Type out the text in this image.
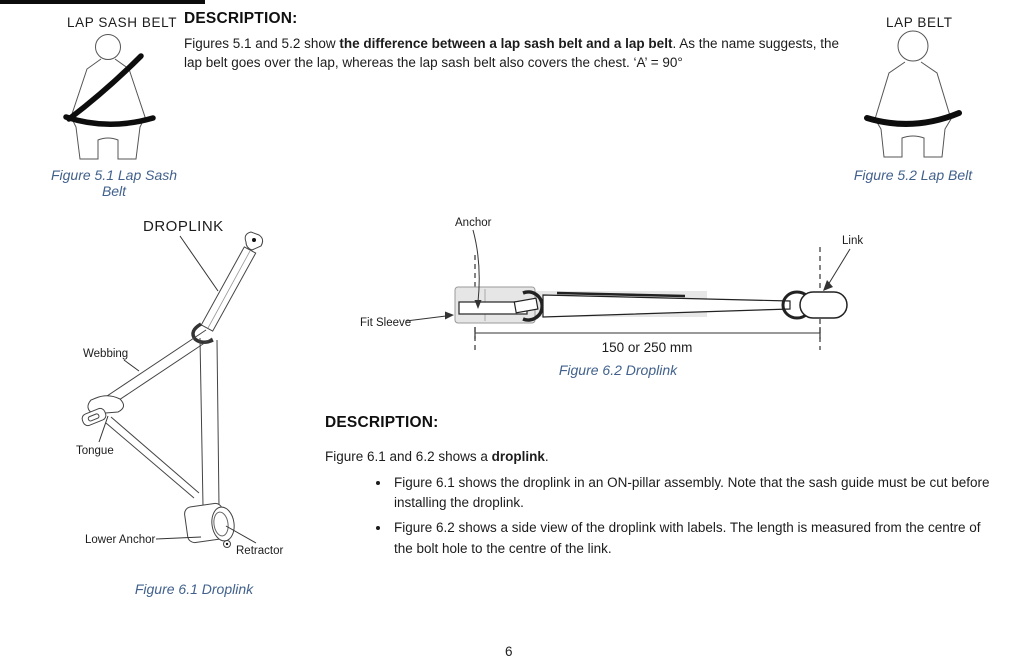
LAP SASH BELT
Figure 5.1 Lap Sash Belt
LAP BELT
Figure 5.2 Lap Belt
DESCRIPTION:

Figures 5.1 and 5.2 show the difference between a lap sash belt and a lap belt. As the name suggests, the lap belt goes over the lap, whereas the lap sash belt also covers the chest. ‘A’ = 90°

DROPLINK
Webbing
Tongue
Lower Anchor
Retractor
Figure 6.1 Droplink
150 or 250 mm
Anchor
Link
Fit Sleeve
Figure 6.2 Droplink
DESCRIPTION:

Figure 6.1 and 6.2 shows a droplink.

• Figure 6.1 shows the droplink in an ON-pillar assembly. Note that the sash guide must be cut before installing the droplink.
• Figure 6.2 shows a side view of the droplink with labels. The length is measured from the centre of the bolt hole to the centre of the link.
6
